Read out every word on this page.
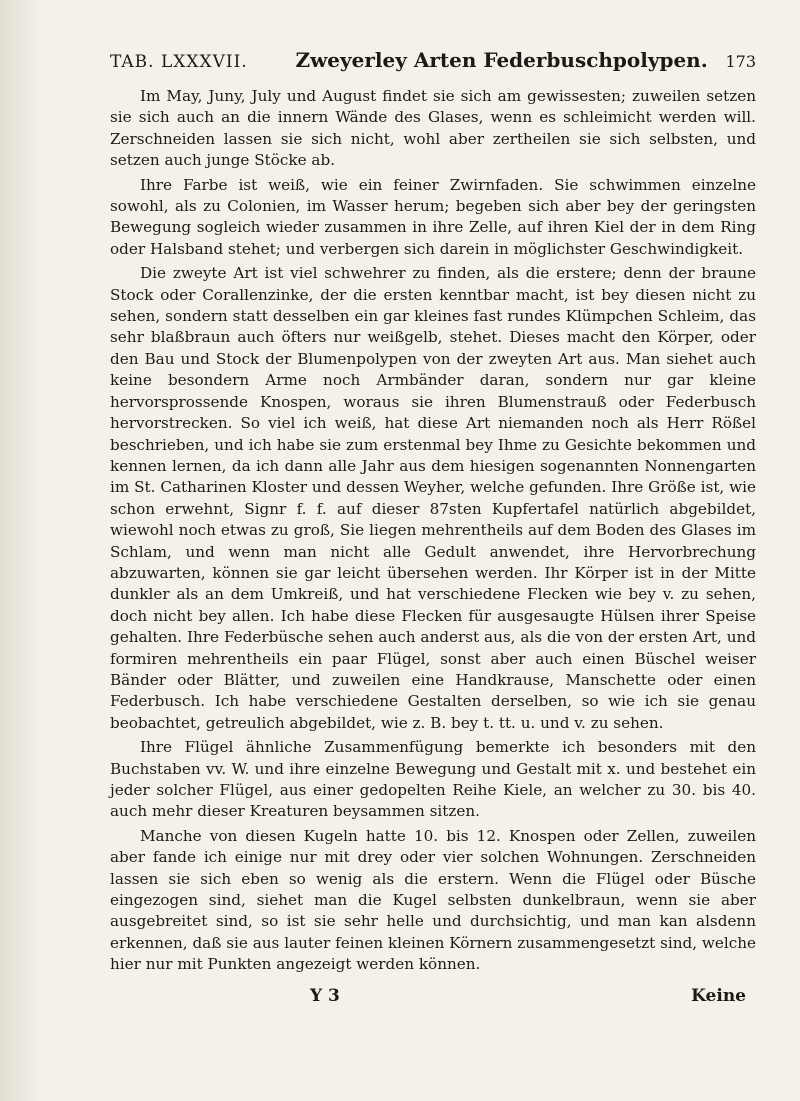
TAB. LXXXVII.	Zweyerley Arten Federbuschpolypen.	173

Im May, Juny, July und August findet sie sich am gewissesten; zuweilen setzen sie sich auch an die innern Wände des Glases, wenn es schleimicht werden will. Zerschneiden lassen sie sich nicht, wohl aber zertheilen sie sich selbsten, und setzen auch junge Stöcke ab.

Ihre Farbe ist weiß, wie ein feiner Zwirnfaden. Sie schwimmen einzelne sowohl, als zu Colonien, im Wasser herum; begeben sich aber bey der geringsten Bewegung sogleich wieder zusammen in ihre Zelle, auf ihren Kiel der in dem Ring oder Halsband stehet; und verbergen sich darein in möglichster Geschwindigkeit.

Die zweyte Art ist viel schwehrer zu finden, als die erstere; denn der braune Stock oder Corallenzinke, der die ersten kenntbar macht, ist bey diesen nicht zu sehen, sondern statt desselben ein gar kleines fast rundes Klümpchen Schleim, das sehr blaßbraun auch öfters nur weißgelb, stehet. Dieses macht den Körper, oder den Bau und Stock der Blumenpolypen von der zweyten Art aus. Man siehet auch keine besondern Arme noch Armbänder daran, sondern nur gar kleine hervorsprossende Knospen, woraus sie ihren Blumenstrauß oder Federbusch hervorstrecken. So viel ich weiß, hat diese Art niemanden noch als Herr Rößel beschrieben, und ich habe sie zum erstenmal bey Ihme zu Gesichte bekommen und kennen lernen, da ich dann alle Jahr aus dem hiesigen sogenannten Nonnengarten im St. Catharinen Kloster und dessen Weyher, welche gefunden. Ihre Größe ist, wie schon erwehnt, Signr f. f. auf dieser 87sten Kupfertafel natürlich abgebildet, wiewohl noch etwas zu groß, Sie liegen mehrentheils auf dem Boden des Glases im Schlam, und wenn man nicht alle Gedult anwendet, ihre Hervorbrechung abzuwarten, können sie gar leicht übersehen werden. Ihr Körper ist in der Mitte dunkler als an dem Umkreiß, und hat verschiedene Flecken wie bey v. zu sehen, doch nicht bey allen. Ich habe diese Flecken für ausgesaugte Hülsen ihrer Speise gehalten. Ihre Federbüsche sehen auch anderst aus, als die von der ersten Art, und formiren mehrentheils ein paar Flügel, sonst aber auch einen Büschel weiser Bänder oder Blätter, und zuweilen eine Handkrause, Manschette oder einen Federbusch. Ich habe verschiedene Gestalten derselben, so wie ich sie genau beobachtet, getreulich abgebildet, wie z. B. bey t. tt. u. und v. zu sehen.

Ihre Flügel ähnliche Zusammenfügung bemerkte ich besonders mit den Buchstaben vv. W. und ihre einzelne Bewegung und Gestalt mit x. und bestehet ein jeder solcher Flügel, aus einer gedopelten Reihe Kiele, an welcher zu 30. bis 40. auch mehr dieser Kreaturen beysammen sitzen.

Manche von diesen Kugeln hatte 10. bis 12. Knospen oder Zellen, zuweilen aber fande ich einige nur mit drey oder vier solchen Wohnungen. Zerschneiden lassen sie sich eben so wenig als die erstern. Wenn die Flügel oder Büsche eingezogen sind, siehet man die Kugel selbsten dunkelbraun, wenn sie aber ausgebreitet sind, so ist sie sehr helle und durchsichtig, und man kan alsdenn erkennen, daß sie aus lauter feinen kleinen Körnern zusammengesetzt sind, welche hier nur mit Punkten angezeigt werden können.

Y 3	Keine
